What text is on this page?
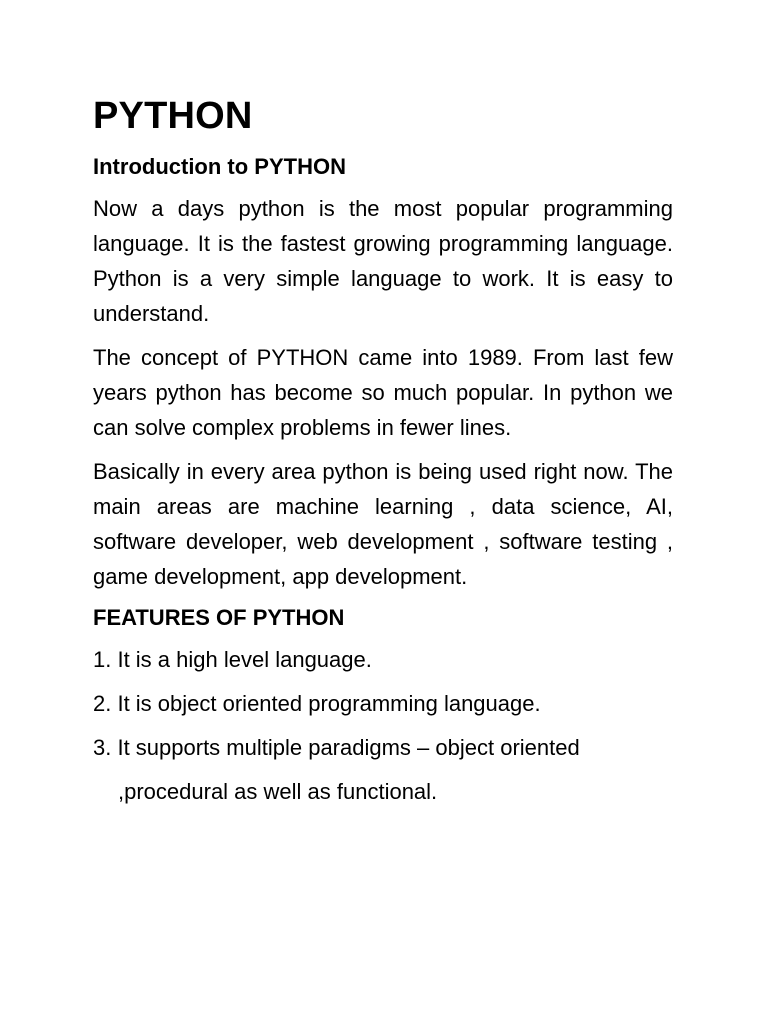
PYTHON
Introduction to PYTHON

Now a days python is the most popular programming language. It is the fastest growing programming language. Python is a very simple language to work. It is easy to understand.

The concept of PYTHON came into 1989. From last few years python has become so much popular. In python we can solve complex problems in fewer lines.

Basically in every area python is being used right now. The main areas are machine learning , data science, AI, software developer, web development , software testing , game development, app development.

FEATURES OF PYTHON

1. It is a high level language.

2. It is object oriented programming language.

3. It supports multiple paradigms – object oriented

,procedural as well as functional.
